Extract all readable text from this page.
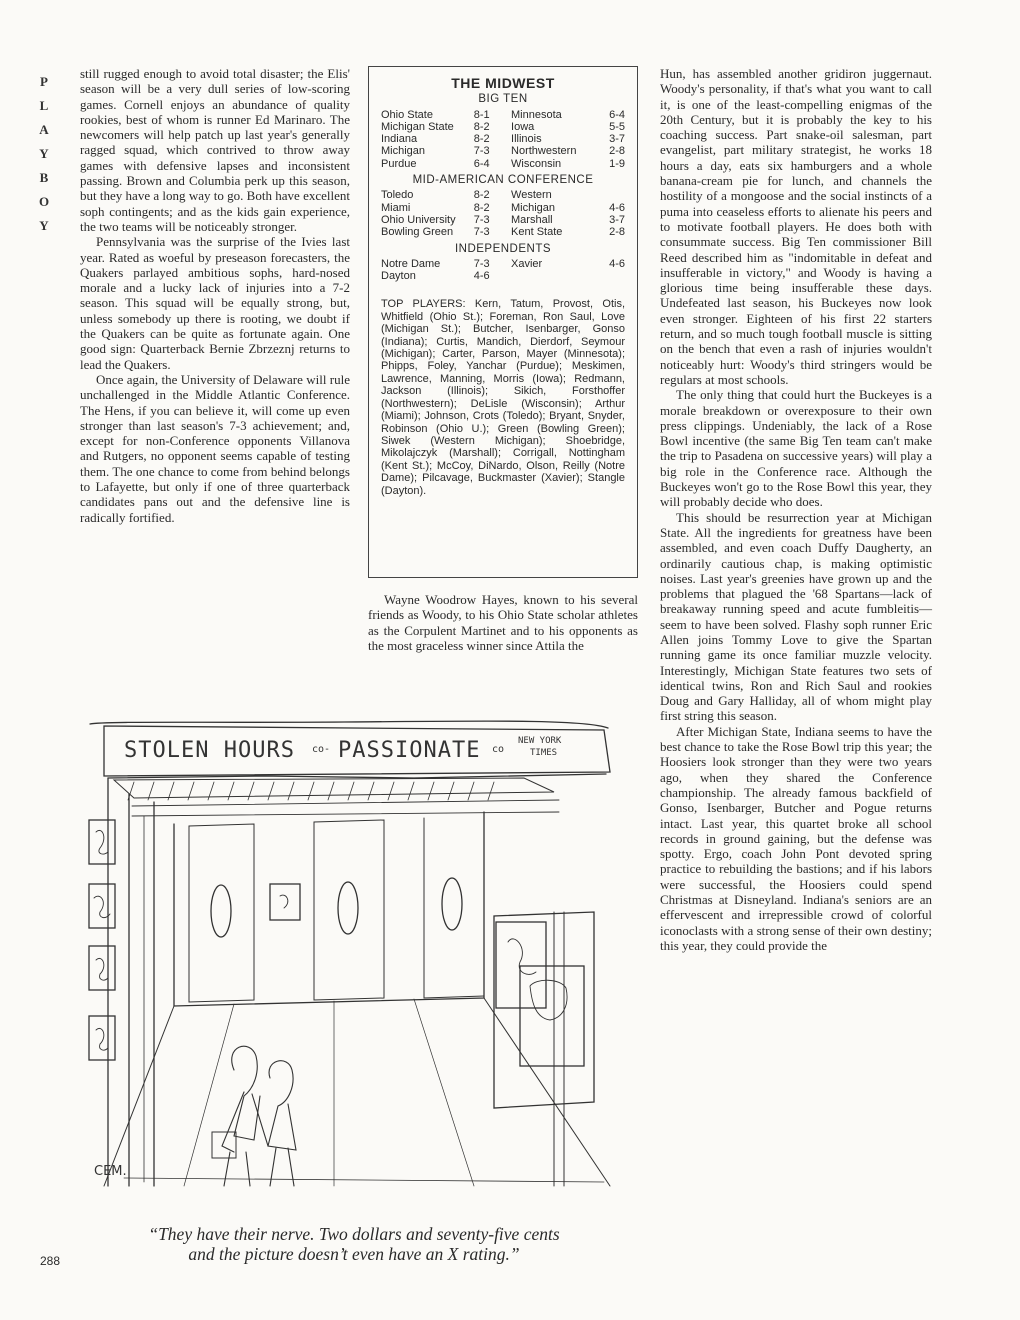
P
L
A
Y
B
O
Y

still rugged enough to avoid total disaster; the Elis' season will be a very dull series of low-scoring games. Cornell enjoys an abundance of quality rookies, best of whom is runner Ed Marinaro. The newcomers will help patch up last year's generally ragged squad, which contrived to throw away games with defensive lapses and inconsistent passing. Brown and Columbia perk up this season, but they have a long way to go. Both have excellent soph contingents; and as the kids gain experience, the two teams will be noticeably stronger.

Pennsylvania was the surprise of the Ivies last year. Rated as woeful by preseason forecasters, the Quakers parlayed ambitious sophs, hard-nosed morale and a lucky lack of injuries into a 7-2 season. This squad will be equally strong, but, unless somebody up there is rooting, we doubt if the Quakers can be quite as fortunate again. One good sign: Quarterback Bernie Zbrzeznj returns to lead the Quakers.

Once again, the University of Delaware will rule unchallenged in the Middle Atlantic Conference. The Hens, if you can believe it, will come up even stronger than last season's 7-3 achievement; and, except for non-Conference opponents Villanova and Rutgers, no opponent seems capable of testing them. The one chance to come from behind belongs to Lafayette, but only if one of three quarterback candidates pans out and the defensive line is radically fortified.

THE MIDWEST
BIG TEN
Ohio State	8-1	Minnesota	6-4
Michigan State	8-2	Iowa	5-5
Indiana	8-2	Illinois	3-7
Michigan	7-3	Northwestern	2-8
Purdue	6-4	Wisconsin	1-9
MID-AMERICAN CONFERENCE
Toledo	8-2	Western	
Miami	8-2	Michigan	4-6
Ohio University	7-3	Marshall	3-7
Bowling Green	7-3	Kent State	2-8
INDEPENDENTS
Notre Dame	7-3	Xavier	4-6
Dayton	4-6		
TOP PLAYERS: Kern, Tatum, Provost, Otis, Whitfield (Ohio St.); Foreman, Ron Saul, Love (Michigan St.); Butcher, Isenbarger, Gonso (Indiana); Curtis, Mandich, Dierdorf, Seymour (Michigan); Carter, Parson, Mayer (Minnesota); Phipps, Foley, Yanchar (Purdue); Meskimen, Lawrence, Manning, Morris (Iowa); Redmann, Jackson (Illinois); Sikich, Forsthoffer (Northwestern); DeLisle (Wisconsin); Arthur (Miami); Johnson, Crots (Toledo); Bryant, Snyder, Robinson (Ohio U.); Green (Bowling Green); Siwek (Western Michigan); Shoebridge, Mikolajczyk (Marshall); Corrigall, Nottingham (Kent St.); McCoy, DiNardo, Olson, Reilly (Notre Dame); Pilcavage, Buckmaster (Xavier); Stangle (Dayton).

Wayne Woodrow Hayes, known to his several friends as Woody, to his Ohio State scholar athletes as the Corpulent Martinet and to his opponents as the most graceless winner since Attila the

Hun, has assembled another gridiron juggernaut. Woody's personality, if that's what you want to call it, is one of the least-compelling enigmas of the 20th Century, but it is probably the key to his coaching success. Part snake-oil salesman, part evangelist, part military strategist, he works 18 hours a day, eats six hamburgers and a whole banana-cream pie for lunch, and channels the hostility of a mongoose and the social instincts of a puma into ceaseless efforts to alienate his peers and to motivate football players. He does both with consummate success. Big Ten commissioner Bill Reed described him as "indomitable in defeat and insufferable in victory," and Woody is having a glorious time being insufferable these days. Undefeated last season, his Buckeyes now look even stronger. Eighteen of his first 22 starters return, and so much tough football muscle is sitting on the bench that even a rash of injuries wouldn't noticeably hurt: Woody's third stringers would be regulars at most schools.

The only thing that could hurt the Buckeyes is a morale breakdown or overexposure to their own press clippings. Undeniably, the lack of a Rose Bowl incentive (the same Big Ten team can't make the trip to Pasadena on successive years) will play a big role in the Conference race. Although the Buckeyes won't go to the Rose Bowl this year, they will probably decide who does.

This should be resurrection year at Michigan State. All the ingredients for greatness have been assembled, and even coach Duffy Daugherty, an ordinarily cautious chap, is making optimistic noises. Last year's greenies have grown up and the problems that plagued the '68 Spartans—lack of breakaway running speed and acute fumbleitis—seem to have been solved. Flashy soph runner Eric Allen joins Tommy Love to give the Spartan running game its once familiar muzzle velocity. Interestingly, Michigan State features two sets of identical twins, Ron and Rich Saul and rookies Doug and Gary Halliday, all of whom might play first string this season.

After Michigan State, Indiana seems to have the best chance to take the Rose Bowl trip this year; the Hoosiers look stronger than they were two years ago, when they shared the Conference championship. The already famous backfield of Gonso, Isenbarger, Butcher and Pogue returns intact. Last year, this quartet broke all school records in ground gaining, but the defense was spotty. Ergo, coach John Pont devoted spring practice to rebuilding the bastions; and if his labors were successful, the Hoosiers could spend Christmas at Disneyland. Indiana's seniors are an effervescent and irrepressible crowd of colorful iconoclasts with a strong sense of their own destiny; this year, they could provide the

STOLEN HOURS co- PASSIONATE co
NEW YORK
TIMES
CEM.
“They have their nerve. Two dollars and seventy-five cents
and the picture doesn’t even have an X rating.”
288
